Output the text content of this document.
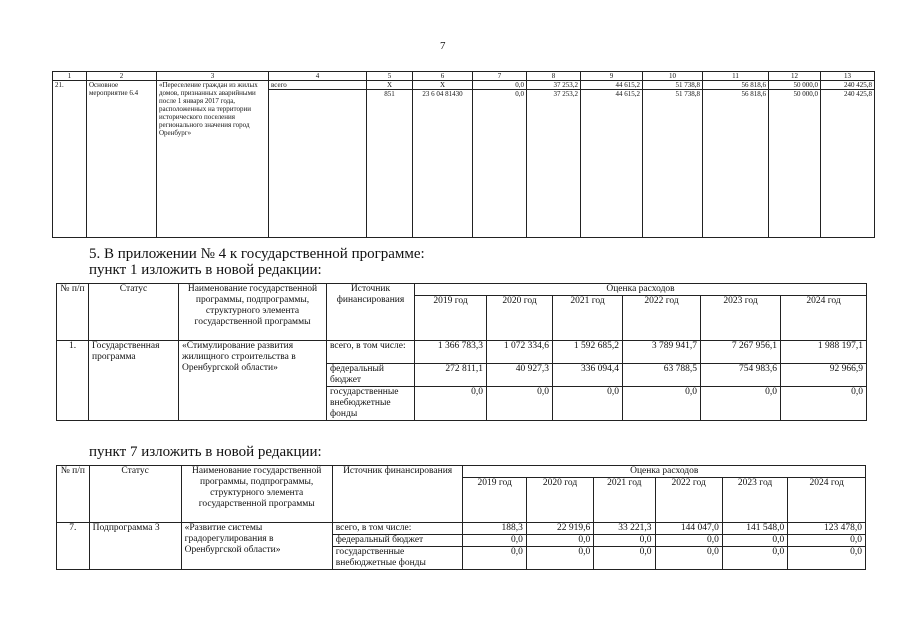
7
1	2	3	4	5	6	7	8	9	10	11	12	13
21.	Основное мероприятие 6.4	«Переселение граждан из жилых домов, признанных аварийными после 1 января 2017 года, расположенных на территории исторического поселения регионального значения город Оренбург»	всего	X	X	0,0	37 253,2	44 615,2	51 738,8	56 818,6	50 000,0	240 425,8
				851	23 6 04 81430	0,0	37 253,2	44 615,2	51 738,8	56 818,6	50 000,0	240 425,8
5. В приложении № 4 к государственной программе:
пункт 1 изложить в новой редакции:
№ п/п	Статус	Наименование государственной программы, подпрограммы, структурного элемента государственной программы	Источник финансирования	Оценка расходов					
				2019 год	2020 год	2021 год	2022 год	2023 год	2024 год
1.	Государственная программа	«Стимулирование развития жилищного строительства в Оренбургской области»	всего, в том числе:	1 366 783,3	1 072 334,6	1 592 685,2	3 789 941,7	7 267 956,1	1 988 197,1
			федеральный бюджет	272 811,1	40 927,3	336 094,4	63 788,5	754 983,6	92 966,9
			государственные внебюджетные фонды	0,0	0,0	0,0	0,0	0,0	0,0
пункт 7 изложить в новой редакции:
№ п/п	Статус	Наименование государственной программы, подпрограммы, структурного элемента государственной программы	Источник финансирования	Оценка расходов					
				2019 год	2020 год	2021 год	2022 год	2023 год	2024 год
7.	Подпрограмма 3	«Развитие системы градорегулирования в Оренбургской области»	всего, в том числе:	188,3	22 919,6	33 221,3	144 047,0	141 548,0	123 478,0
			федеральный бюджет	0,0	0,0	0,0	0,0	0,0	0,0
			государственные внебюджетные фонды	0,0	0,0	0,0	0,0	0,0	0,0
